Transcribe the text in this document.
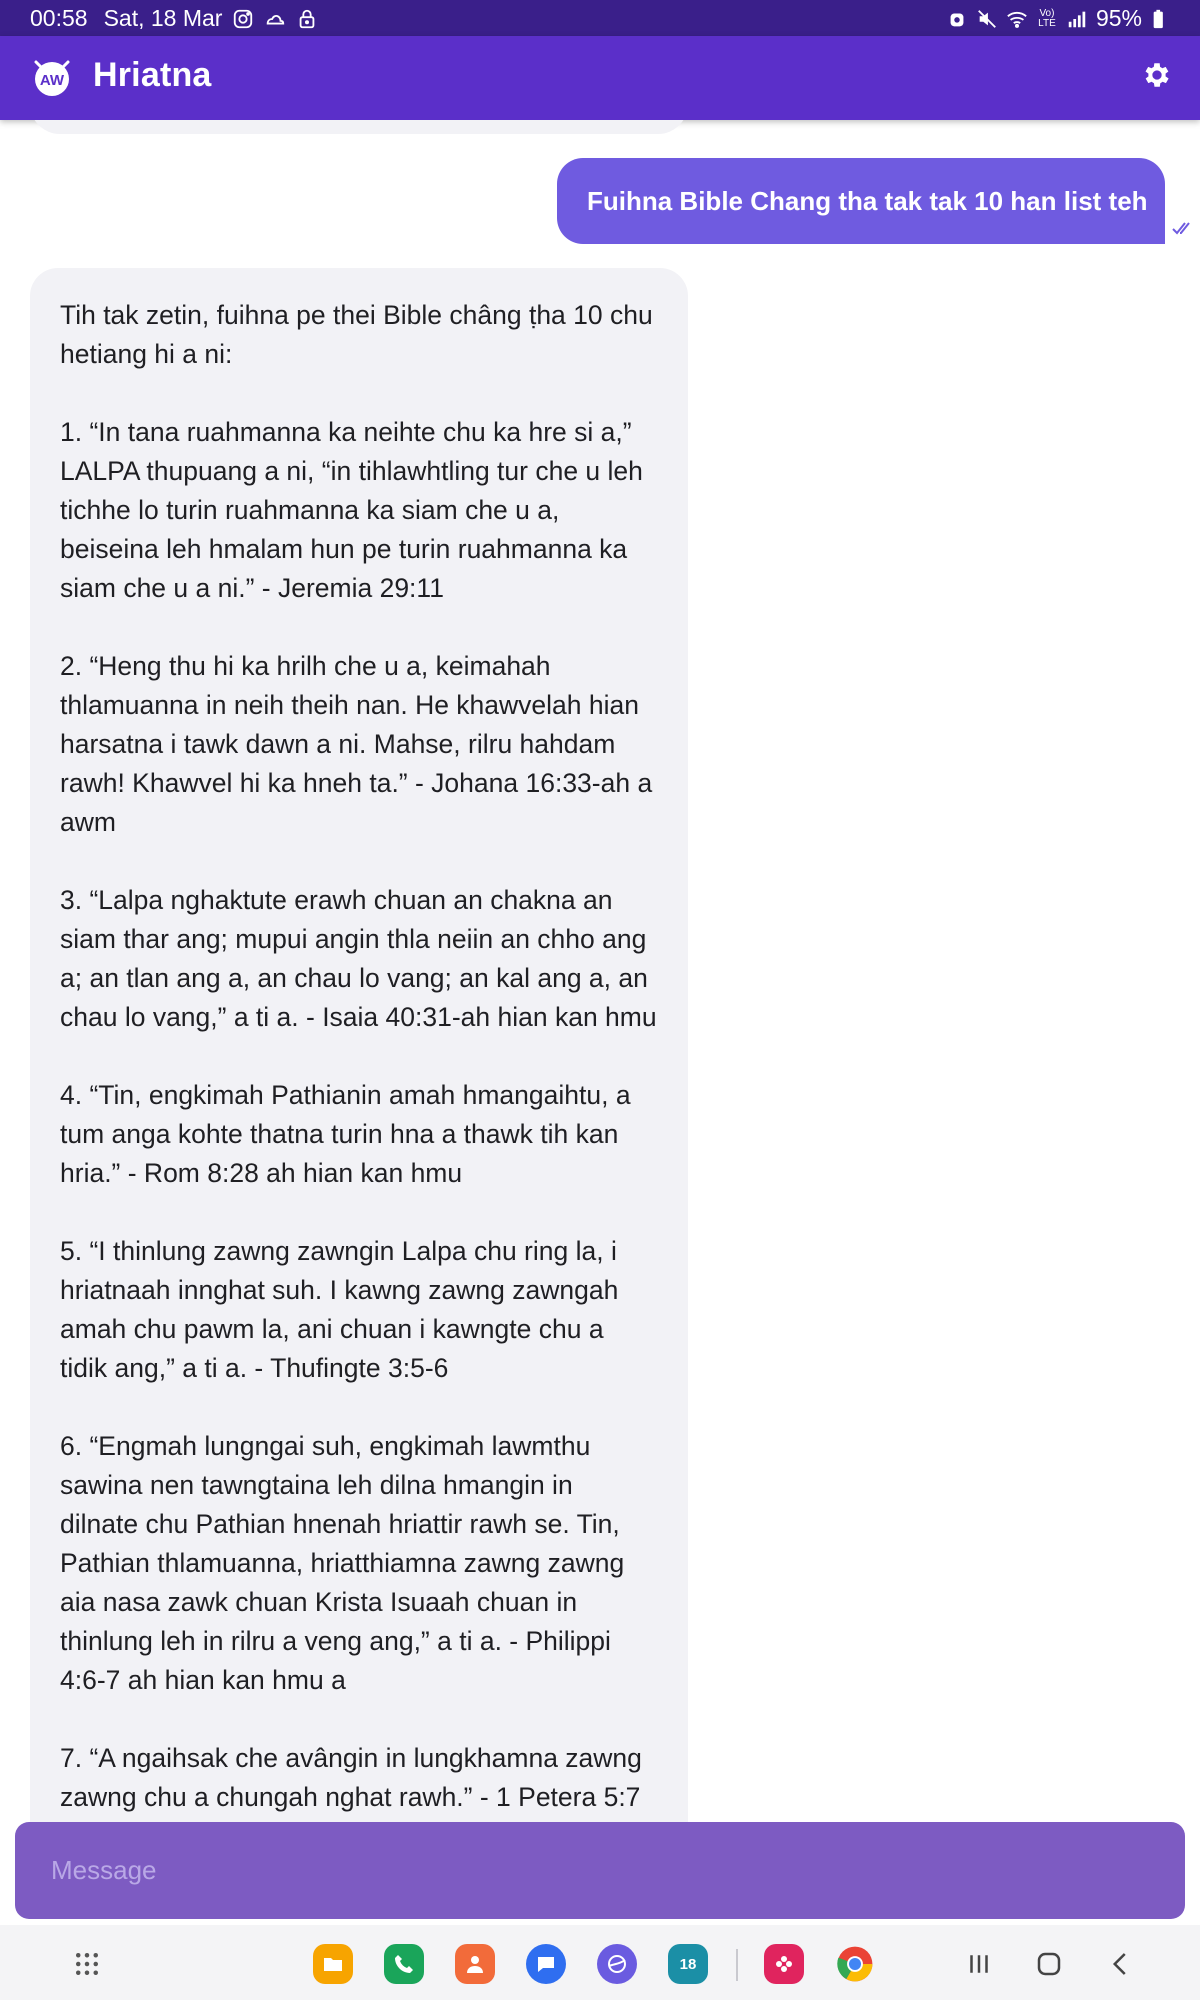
00:58 Sat, 18 Mar	Vo)
LTE 95%
AW Hriatna
Fuihna Bible Chang tha tak tak 10 han list teh

Tih tak zetin, fuihna pe thei Bible châng ṭha 10 chu hetiang hi a ni:

1. “In tana ruahmanna ka neihte chu ka hre si a,” LALPA thupuang a ni, “in tihlawhtling tur che u leh tichhe lo turin ruahmanna ka siam che u a, beiseina leh hmalam hun pe turin ruahmanna ka siam che u a ni.” - Jeremia 29:11

2. “Heng thu hi ka hrilh che u a, keimahah thlamuanna in neih theih nan. He khawvelah hian harsatna i tawk dawn a ni. Mahse, rilru hahdam rawh! Khawvel hi ka hneh ta.” - Johana 16:33-ah a awm

3. “Lalpa nghaktute erawh chuan an chakna an siam thar ang; mupui angin thla neiin an chho ang a; an tlan ang a, an chau lo vang; an kal ang a, an chau lo vang,” a ti a. - Isaia 40:31-ah hian kan hmu

4. “Tin, engkimah Pathianin amah hmangaihtu, a tum anga kohte thatna turin hna a thawk tih kan hria.” - Rom 8:28 ah hian kan hmu

5. “I thinlung zawng zawngin Lalpa chu ring la, i hriatnaah innghat suh. I kawng zawng zawngah amah chu pawm la, ani chuan i kawngte chu a tidik ang,” a ti a. - Thufingte 3:5-6

6. “Engmah lungngai suh, engkimah lawmthu sawina nen tawngtaina leh dilna hmangin in dilnate chu Pathian hnenah hriattir rawh se. Tin, Pathian thlamuanna, hriatthiamna zawng zawng aia nasa zawk chuan Krista Isuaah chuan in thinlung leh in rilru a veng ang,” a ti a. - Philippi 4:6-7 ah hian kan hmu a

7. “A ngaihsak che avângin in lungkhamna zawng zawng chu a chungah nghat rawh.” - 1 Petera 5:7

Message
18
